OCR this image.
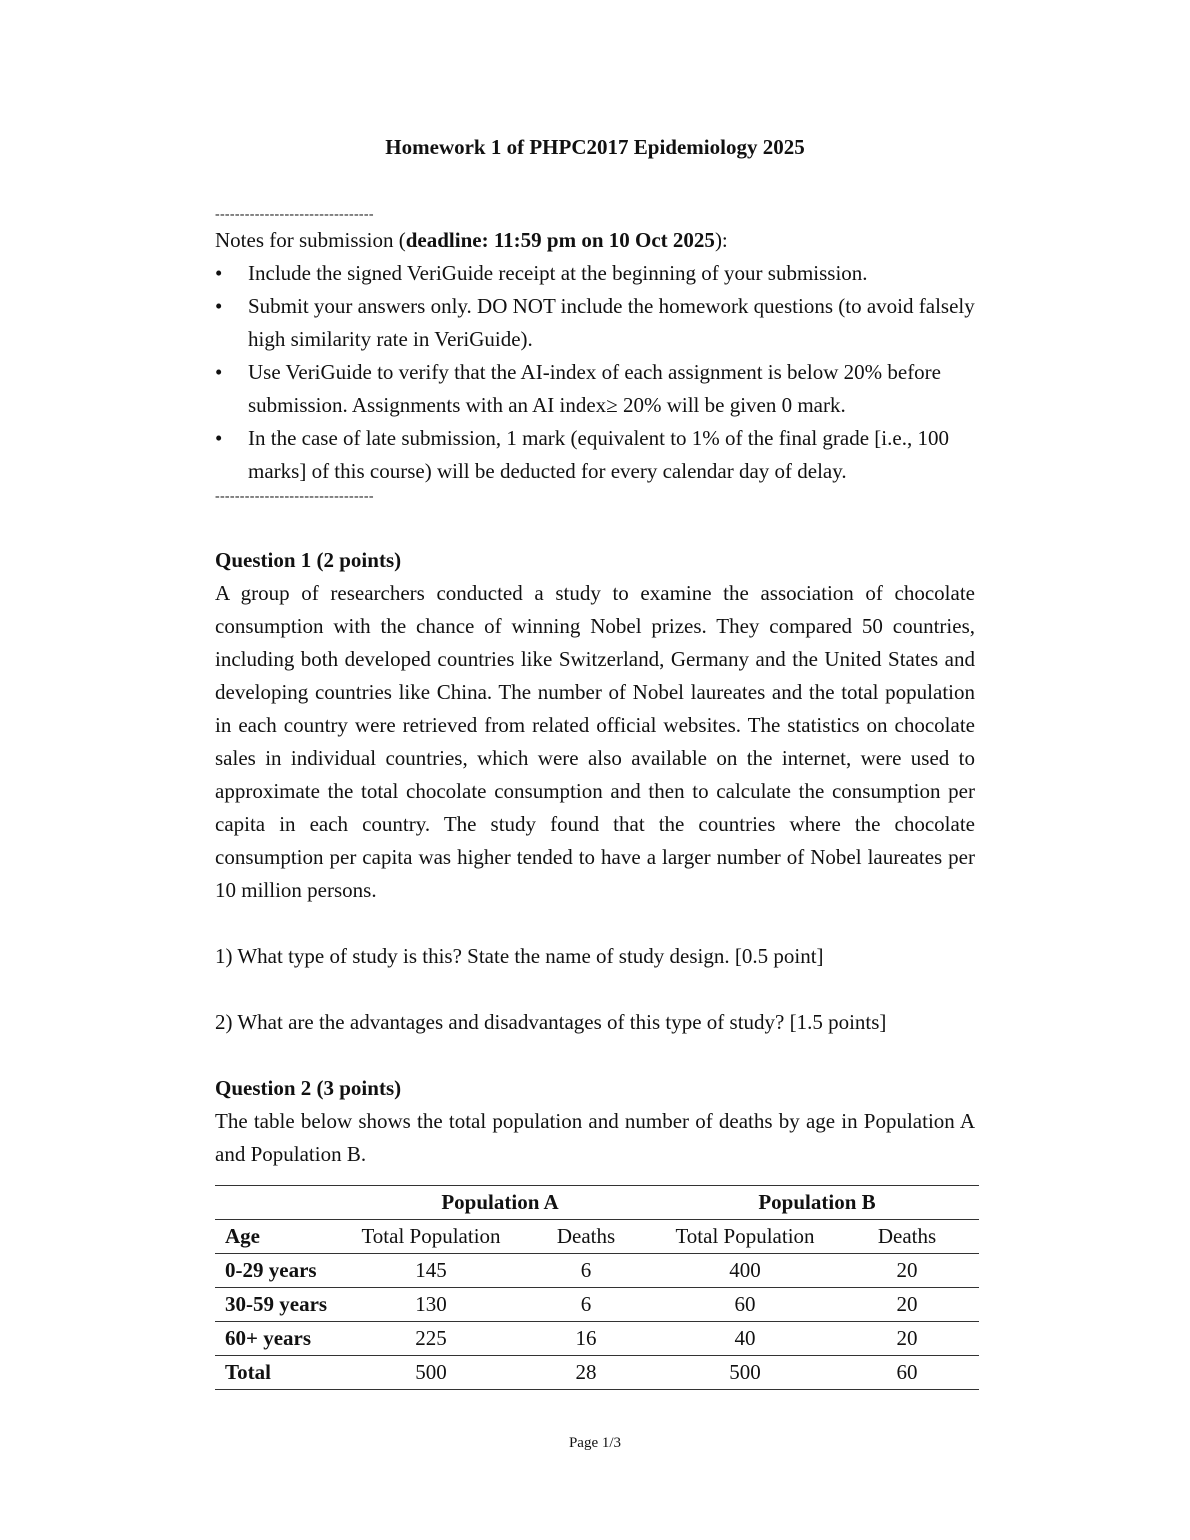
Homework 1 of PHPC2017 Epidemiology 2025

--------------------------------

Notes for submission (deadline: 11:59 pm on 10 Oct 2025):

• Include the signed VeriGuide receipt at the beginning of your submission.
• Submit your answers only. DO NOT include the homework questions (to avoid falsely high similarity rate in VeriGuide).
• Use VeriGuide to verify that the AI-index of each assignment is below 20% before submission. Assignments with an AI index≥ 20% will be given 0 mark.
• In the case of late submission, 1 mark (equivalent to 1% of the final grade [i.e., 100 marks] of this course) will be deducted for every calendar day of delay.

--------------------------------

Question 1 (2 points)

A group of researchers conducted a study to examine the association of chocolate consumption with the chance of winning Nobel prizes. They compared 50 countries, including both developed countries like Switzerland, Germany and the United States and developing countries like China. The number of Nobel laureates and the total population in each country were retrieved from related official websites. The statistics on chocolate sales in individual countries, which were also available on the internet, were used to approximate the total chocolate consumption and then to calculate the consumption per capita in each country. The study found that the countries where the chocolate consumption per capita was higher tended to have a larger number of Nobel laureates per 10 million persons.

1) What type of study is this? State the name of study design. [0.5 point]

2) What are the advantages and disadvantages of this type of study? [1.5 points]

Question 2 (3 points)

The table below shows the total population and number of deaths by age in Population A and Population B.

	Population A		Population B	
Age	Total Population	Deaths	Total Population	Deaths
0-29 years	145	6	400	20
30-59 years	130	6	60	20
60+ years	225	16	40	20
Total	500	28	500	60
Page 1/3
